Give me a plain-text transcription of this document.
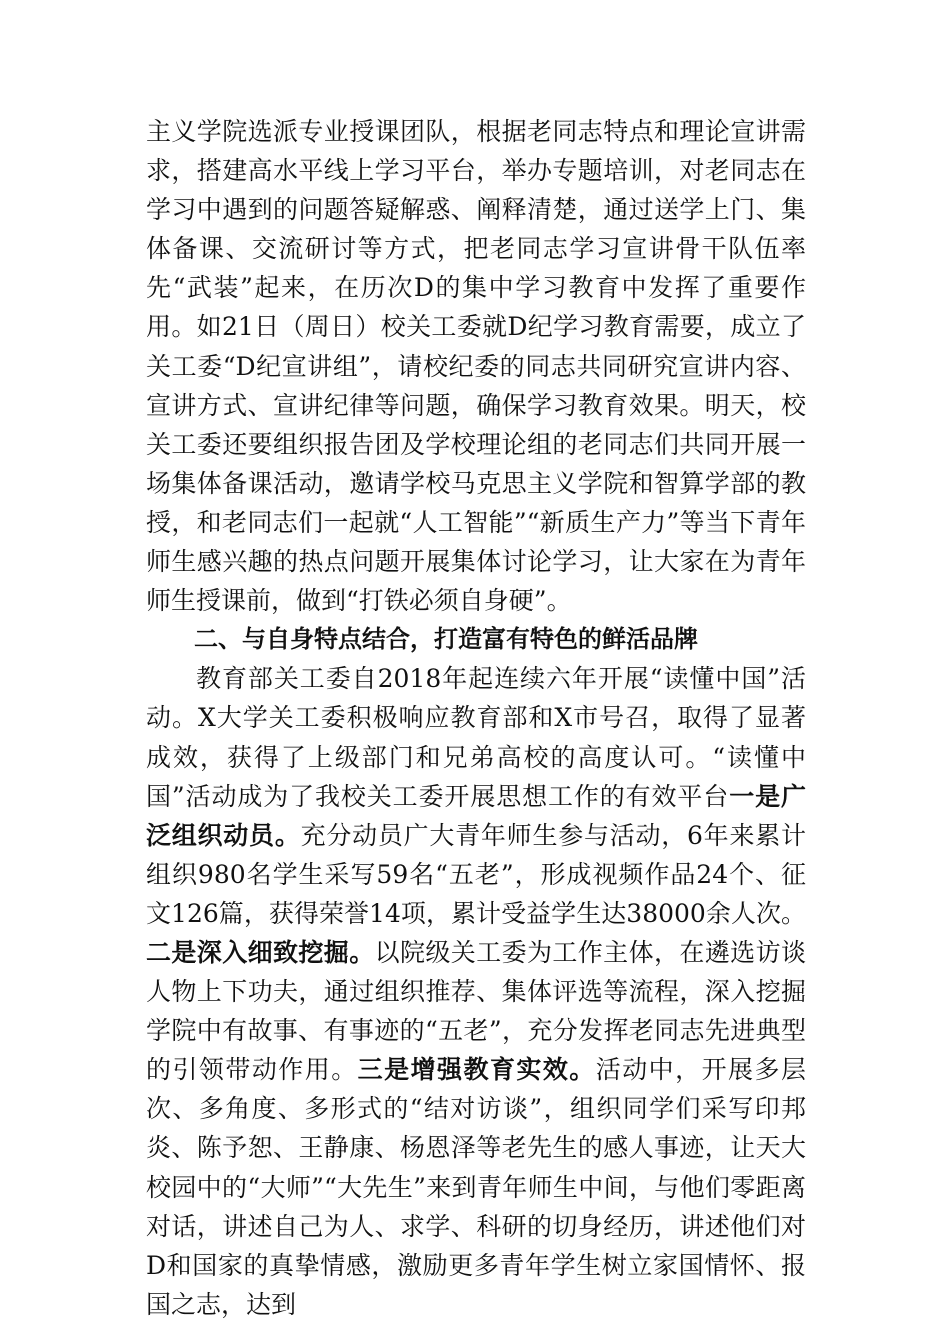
主义学院选派专业授课团队，根据老同志特点和理论宣讲需求，搭建高水平线上学习平台，举办专题培训，对老同志在学习中遇到的问题答疑解惑、阐释清楚，通过送学上门、集体备课、交流研讨等方式，把老同志学习宣讲骨干队伍率先“武装”起来，在历次D的集中学习教育中发挥了重要作用。如21日（周日）校关工委就D纪学习教育需要，成立了关工委“D纪宣讲组”，请校纪委的同志共同研究宣讲内容、宣讲方式、宣讲纪律等问题，确保学习教育效果。明天，校关工委还要组织报告团及学校理论组的老同志们共同开展一场集体备课活动，邀请学校马克思主义学院和智算学部的教授，和老同志们一起就“人工智能”“新质生产力”等当下青年师生感兴趣的热点问题开展集体讨论学习，让大家在为青年师生授课前，做到“打铁必须自身硬”。

二、与自身特点结合，打造富有特色的鲜活品牌

教育部关工委自2018年起连续六年开展“读懂中国”活动。X大学关工委积极响应教育部和X市号召，取得了显著成效，获得了上级部门和兄弟高校的高度认可。“读懂中国”活动成为了我校关工委开展思想工作的有效平台一是广泛组织动员。充分动员广大青年师生参与活动，6年来累计组织980名学生采写59名“五老”，形成视频作品24个、征文126篇，获得荣誉14项，累计受益学生达38000余人次。二是深入细致挖掘。以院级关工委为工作主体，在遴选访谈人物上下功夫，通过组织推荐、集体评选等流程，深入挖掘学院中有故事、有事迹的“五老”，充分发挥老同志先进典型的引领带动作用。三是增强教育实效。活动中，开展多层次、多角度、多形式的“结对访谈”，组织同学们采写印邦炎、陈予恕、王静康、杨恩泽等老先生的感人事迹，让天大校园中的“大师”“大先生”来到青年师生中间，与他们零距离对话，讲述自己为人、求学、科研的切身经历，讲述他们对D和国家的真挚情感，激励更多青年学生树立家国情怀、报国之志，达到
